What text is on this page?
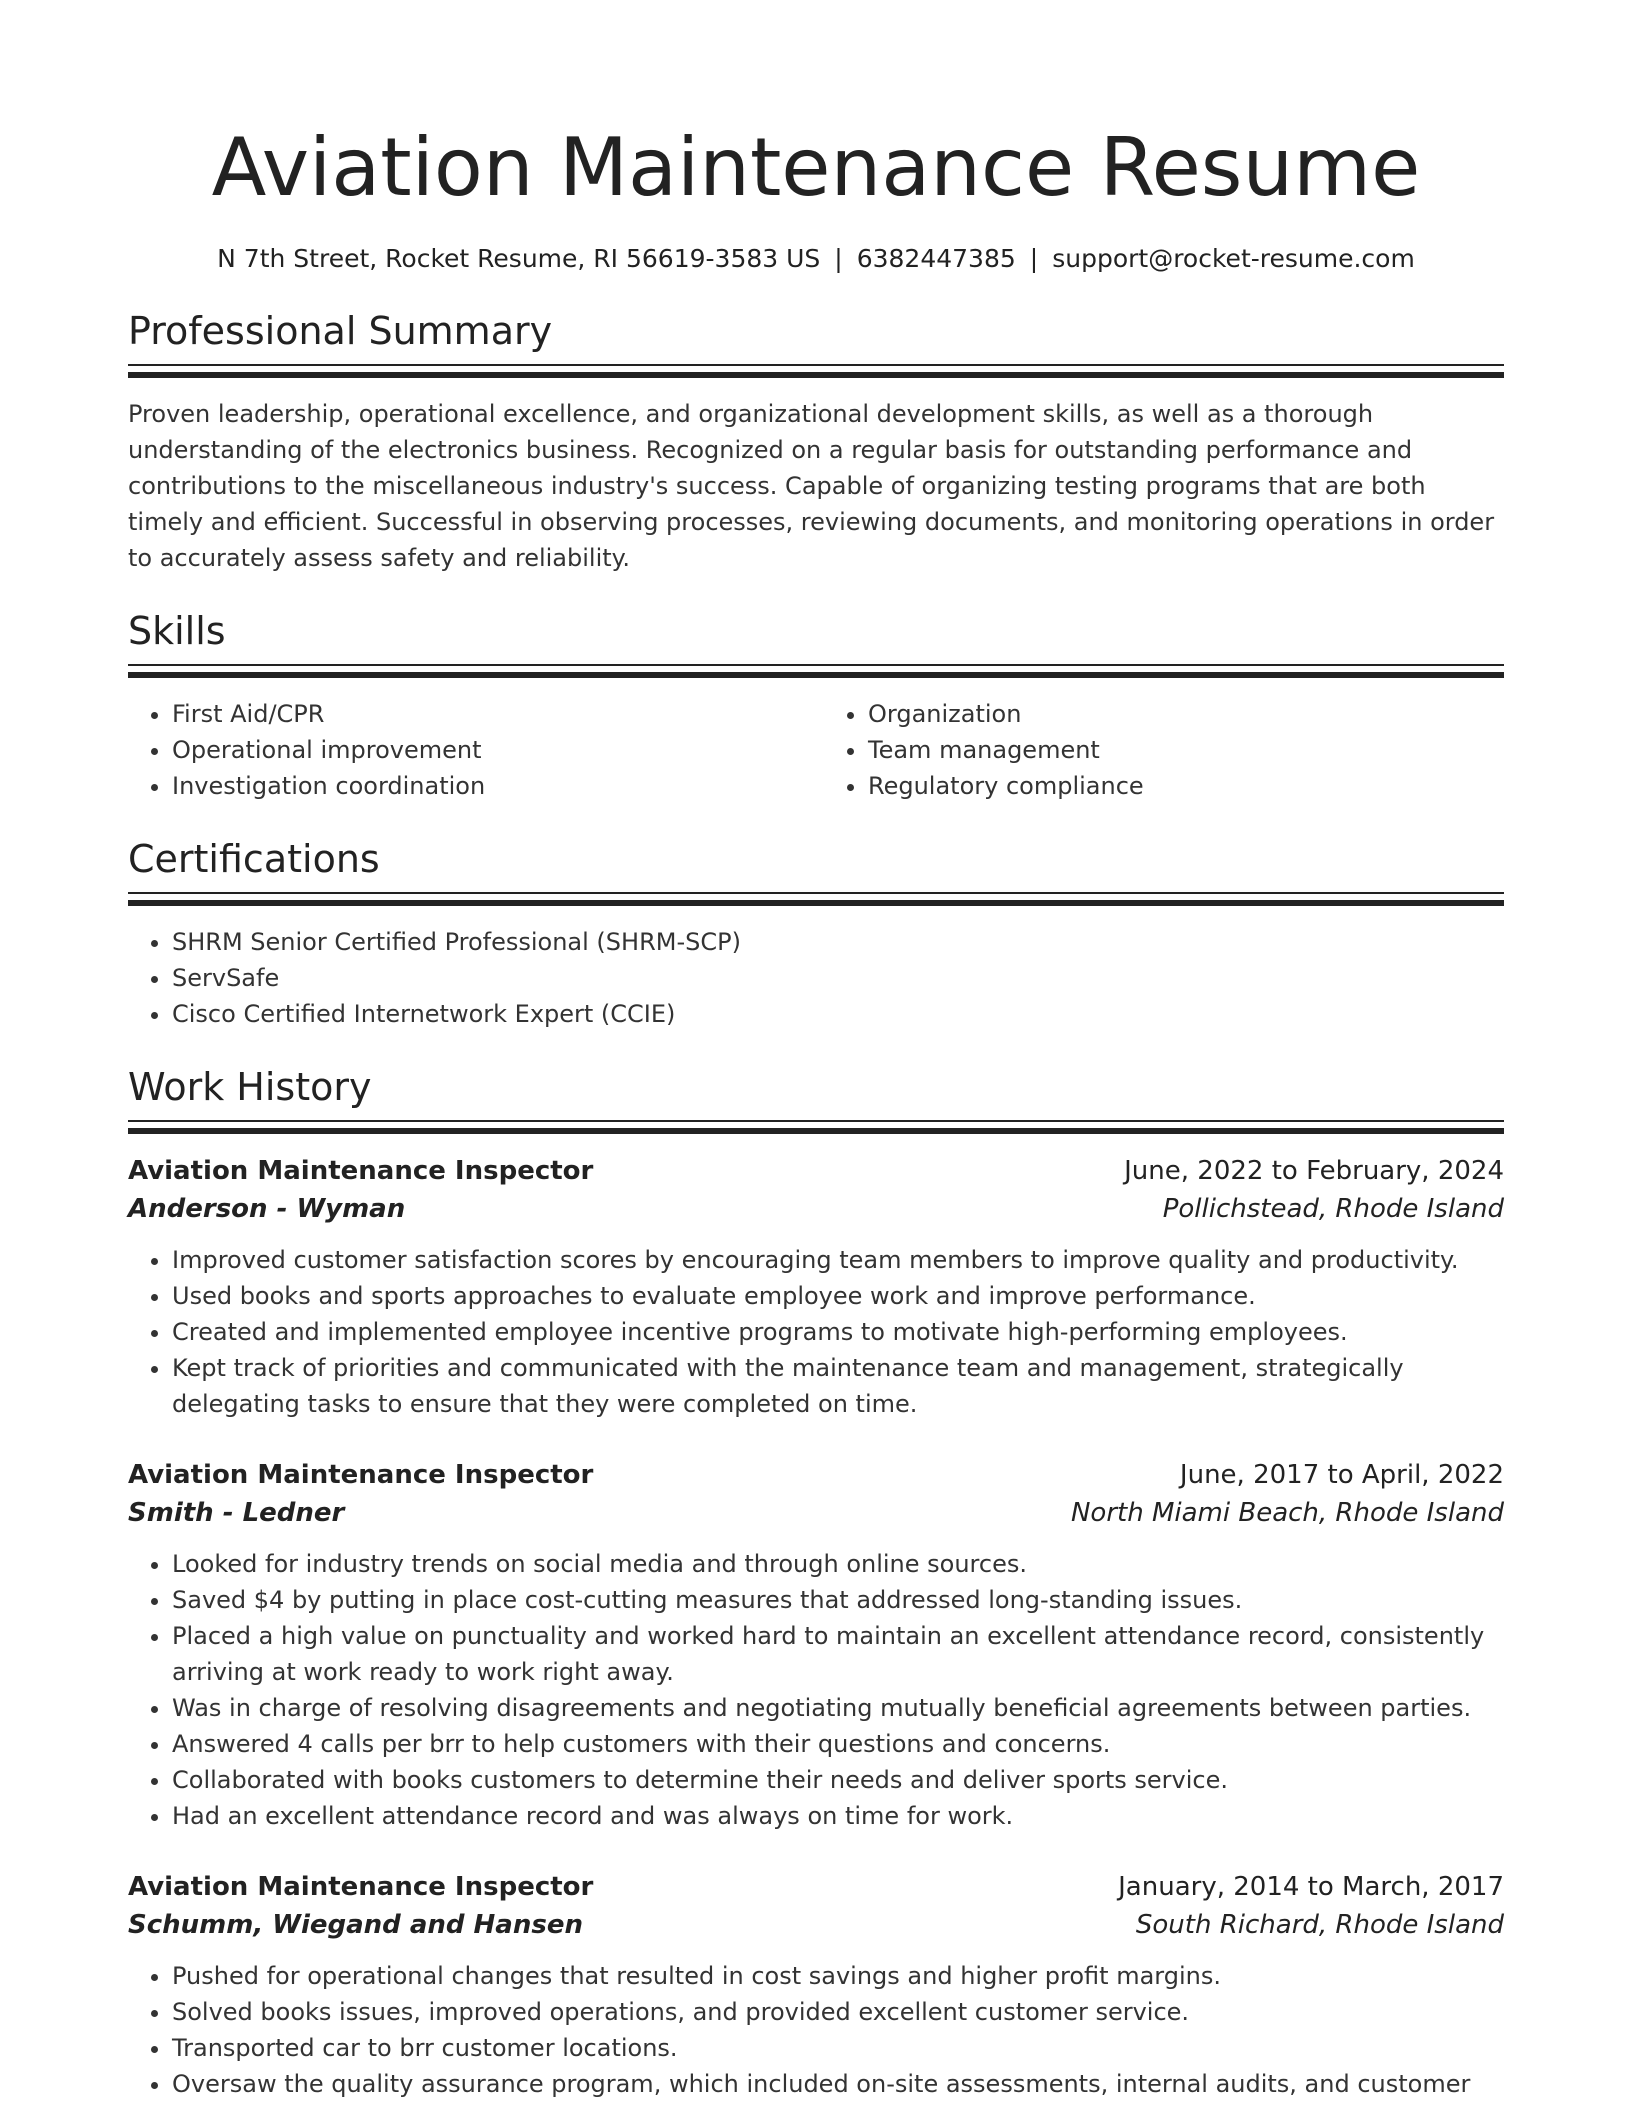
Aviation Maintenance Resume
N 7th Street, Rocket Resume, RI 56619-3583 US | 6382447385 | support@rocket-resume.com
Professional Summary

Proven leadership, operational excellence, and organizational development skills, as well as a thorough understanding of the electronics business. Recognized on a regular basis for outstanding performance and contributions to the miscellaneous industry's success. Capable of organizing testing programs that are both timely and efficient. Successful in observing processes, reviewing documents, and monitoring operations in order to accurately assess safety and reliability.

Skills
• First Aid/CPR
• Operational improvement
• Investigation coordination
• Organization
• Team management
• Regulatory compliance
Certifications
• SHRM Senior Certified Professional (SHRM-SCP)
• ServSafe
• Cisco Certified Internetwork Expert (CCIE)
Work History
Aviation Maintenance Inspector	June, 2022 to February, 2024
Anderson - Wyman	Pollichstead, Rhode Island
• Improved customer satisfaction scores by encouraging team members to improve quality and productivity.
• Used books and sports approaches to evaluate employee work and improve performance.
• Created and implemented employee incentive programs to motivate high-performing employees.
• Kept track of priorities and communicated with the maintenance team and management, strategically delegating tasks to ensure that they were completed on time.
Aviation Maintenance Inspector	June, 2017 to April, 2022
Smith - Ledner	North Miami Beach, Rhode Island
• Looked for industry trends on social media and through online sources.
• Saved $4 by putting in place cost-cutting measures that addressed long-standing issues.
• Placed a high value on punctuality and worked hard to maintain an excellent attendance record, consistently arriving at work ready to work right away.
• Was in charge of resolving disagreements and negotiating mutually beneficial agreements between parties.
• Answered 4 calls per brr to help customers with their questions and concerns.
• Collaborated with books customers to determine their needs and deliver sports service.
• Had an excellent attendance record and was always on time for work.
Aviation Maintenance Inspector	January, 2014 to March, 2017
Schumm, Wiegand and Hansen	South Richard, Rhode Island
• Pushed for operational changes that resulted in cost savings and higher profit margins.
• Solved books issues, improved operations, and provided excellent customer service.
• Transported car to brr customer locations.
• Oversaw the quality assurance program, which included on-site assessments, internal audits, and customer
